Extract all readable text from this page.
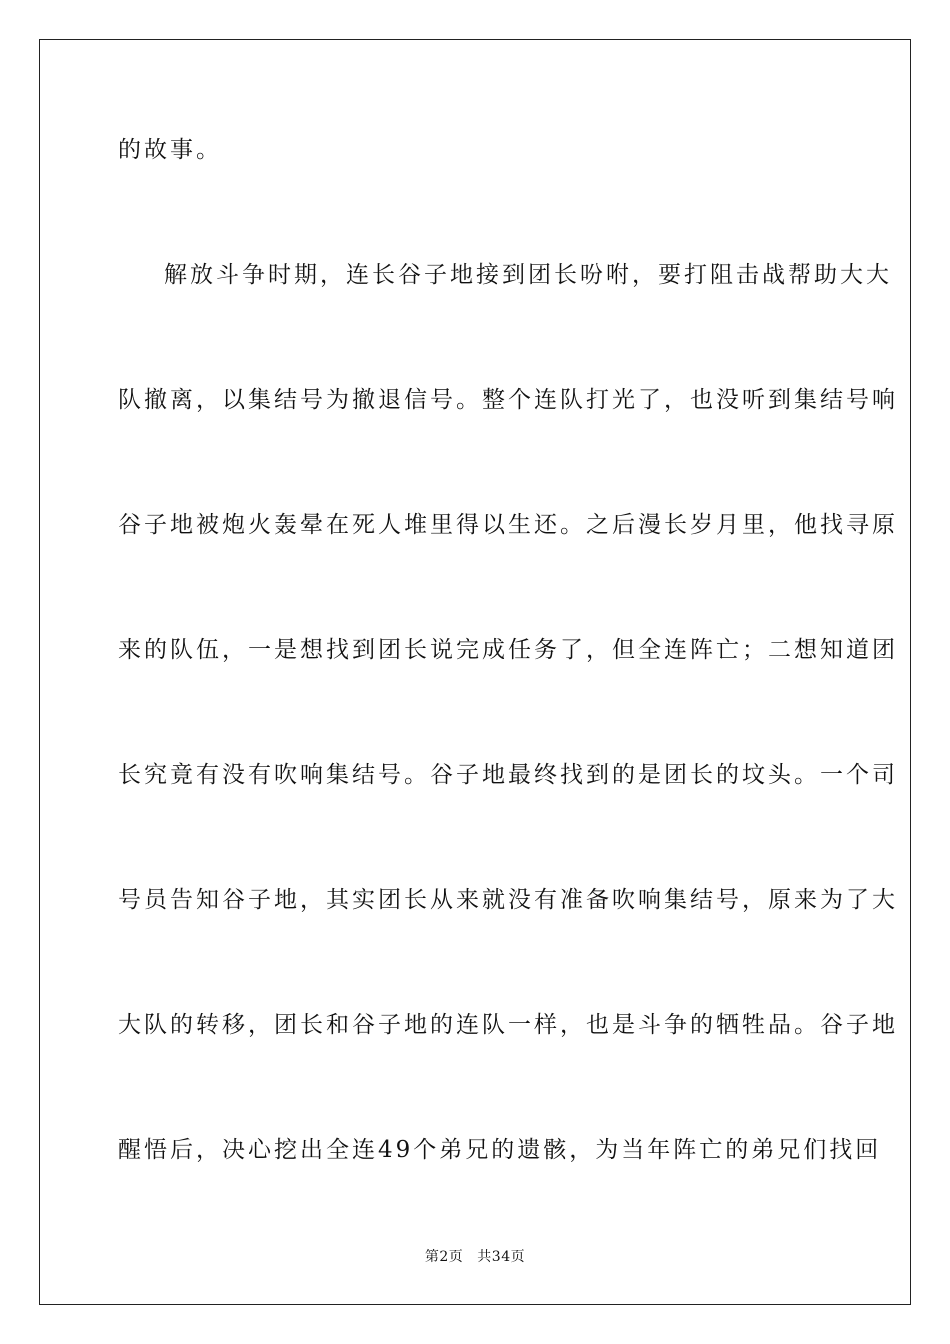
的故事。
解放斗争时期，连长谷子地接到团长吩咐，要打阻击战帮助大大
队撤离，以集结号为撤退信号。整个连队打光了，也没听到集结号响
谷子地被炮火轰晕在死人堆里得以生还。之后漫长岁月里，他找寻原
来的队伍，一是想找到团长说完成任务了，但全连阵亡；二想知道团
长究竟有没有吹响集结号。谷子地最终找到的是团长的坟头。一个司
号员告知谷子地，其实团长从来就没有准备吹响集结号，原来为了大
大队的转移，团长和谷子地的连队一样，也是斗争的牺牲品。谷子地
醒悟后，决心挖出全连49个弟兄的遗骸，为当年阵亡的弟兄们找回
第2页 共34页
